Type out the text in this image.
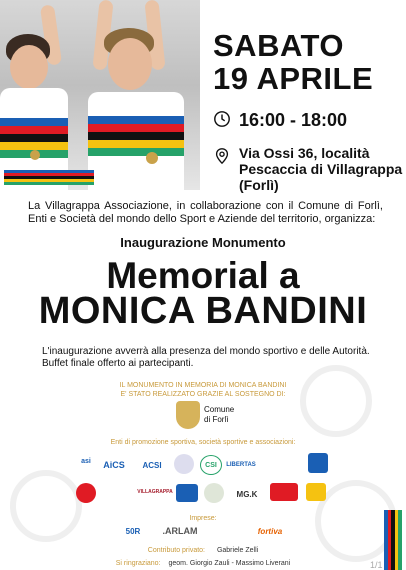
SABATO
19 APRILE
16:00 - 18:00
Via Ossi 36, località
Pescaccia di Villagrappa
(Forlì)
La Villagrappa Associazione, in collaborazione con il Comune di Forlì, Enti e Società del mondo dello Sport e Aziende del territorio, organizza:
Inaugurazione Monumento
Memorial a
MONICA BANDINI
L'inaugurazione avverrà alla presenza del mondo sportivo e delle Autorità.
Buffet finale offerto ai partecipanti.
IL MONUMENTO IN MEMORIA DI MONICA BANDINI
E' STATO REALIZZATO GRAZIE AL SOSTEGNO DI:
Comune
di Forlì
Enti di promozione sportiva, società sportive e associazioni:
asi	AiCS	ACSI	CSI	LIBERTAS
VILLAGRAPPA	MG.K
Imprese:
50R	.ARLAM	fortiva
Contributo privato: Gabriele Zelli
Si ringraziano: geom. Giorgio Zauli - Massimo Liverani	1/1
